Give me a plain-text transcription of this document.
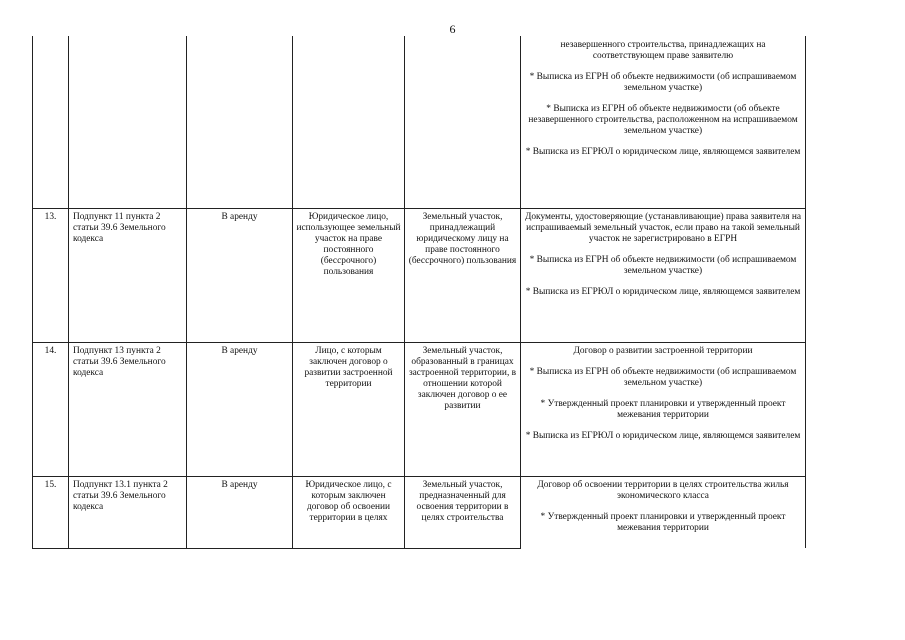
6

					незавершенного строительства, принадлежащих на соответствующем праве заявителю

* Выписка из ЕГРН об объекте недвижимости (об испрашиваемом земельном участке)

* Выписка из ЕГРН об объекте недвижимости (об объекте незавершенного строительства, расположенном на испрашиваемом земельном участке)

* Выписка из ЕГРЮЛ о юридическом лице, являющемся заявителем

13.	Подпункт 11 пункта 2 статьи 39.6 Земельного кодекса	В аренду	Юридическое лицо, использующее земельный участок на праве постоянного (бессрочного) пользования	Земельный участок, принадлежащий юридическому лицу на праве постоянного (бессрочного) пользования	Документы, удостоверяющие (устанавливающие) права заявителя на испрашиваемый земельный участок, если право на такой земельный участок не зарегистрировано в ЕГРН

* Выписка из ЕГРН об объекте недвижимости (об испрашиваемом земельном участке)

* Выписка из ЕГРЮЛ о юридическом лице, являющемся заявителем

14.	Подпункт 13 пункта 2 статьи 39.6 Земельного кодекса	В аренду	Лицо, с которым заключен договор о развитии застроенной территории	Земельный участок, образованный в границах застроенной территории, в отношении которой заключен договор о ее развитии	Договор о развитии застроенной территории

* Выписка из ЕГРН об объекте недвижимости (об испрашиваемом земельном участке)

* Утвержденный проект планировки и утвержденный проект межевания территории

* Выписка из ЕГРЮЛ о юридическом лице, являющемся заявителем

15.	Подпункт 13.1 пункта 2 статьи 39.6 Земельного кодекса	В аренду	Юридическое лицо, с которым заключен договор об освоении территории в целях	Земельный участок, предназначенный для освоения территории в целях строительства	Договор об освоении территории в целях строительства жилья экономического класса

* Утвержденный проект планировки и утвержденный проект межевания территории
